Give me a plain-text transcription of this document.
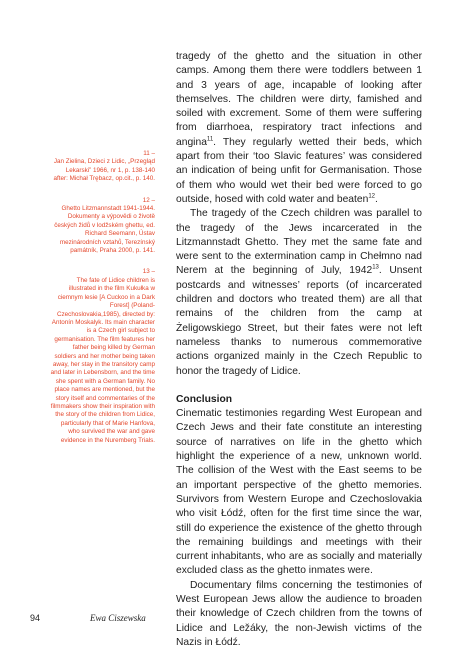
11 –
Jan Zielina, Dzieci z Lidic, „Przegląd Lekarski” 1966, nr 1, p. 138-140 after: Michał Trębacz, op.cit., p. 140.
12 –
Ghetto Litzmannstadt 1941-1944. Dokumenty a výpovědi o životě českých židů v lodžském ghettu, ed. Richard Seemann, Ústav mezinárodních vztahů, Terezínský památník, Praha 2000, p. 141.
13 –
The fate of Lidice children is illustrated in the film Kukułka w ciemnym lesie [A Cuckoo in a Dark Forest] (Poland-Czechoslovakia,1985), directed by: Antonín Moskalyk. Its main character is a Czech girl subject to germanisation. The film features her father being killed by German soldiers and her mother being taken away, her stay in the transitory camp and later in Lebensborn, and the time she spent with a German family. No place names are mentioned, but the story itself and commentaries of the filmmakers show their inspiration with the story of the children from Lidice, particularly that of Marie Hanfova, who survived the war and gave evidence in the Nuremberg Trials.

tragedy of the ghetto and the situation in other camps. Among them there were toddlers between 1 and 3 years of age, incapable of looking after themselves. The children were dirty, famished and soiled with excrement. Some of them were suffering from diarrhoea, respiratory tract infections and angina$^{11}$. They regularly wetted their beds, which apart from their ‘too Slavic features’ was considered an indication of being unfit for Germanisation. Those of them who would wet their bed were forced to go outside, hosed with cold water and beaten$^{12}$.

The tragedy of the Czech children was parallel to the tragedy of the Jews incarcerated in the Litzmannstadt Ghetto. They met the same fate and were sent to the extermination camp in Chełmno nad Nerem at the beginning of July, 1942$^{13}$. Unsent postcards and witnesses’ reports (of incarcerated children and doctors who treated them) are all that remains of the children from the camp at Żeligowskiego Street, but their fates were not left nameless thanks to numerous commemorative actions organized mainly in the Czech Republic to honor the tragedy of Lidice.

Conclusion

Cinematic testimonies regarding West European and Czech Jews and their fate constitute an interesting source of narratives on life in the ghetto which highlight the experience of a new, unknown world. The collision of the West with the East seems to be an important perspective of the ghetto memories. Survivors from Western Europe and Czechoslovakia who visit Łódź, often for the first time since the war, still do experience the existence of the ghetto through the remaining buildings and meetings with their current inhabitants, who are as socially and materially excluded class as the ghetto inmates were.

Documentary films concerning the testimonies of West European Jews allow the audience to broaden their knowledge of Czech children from the towns of Lidice and Ležáky, the non-Jewish victims of the Nazis in Łódź.

94	Ewa Ciszewska
